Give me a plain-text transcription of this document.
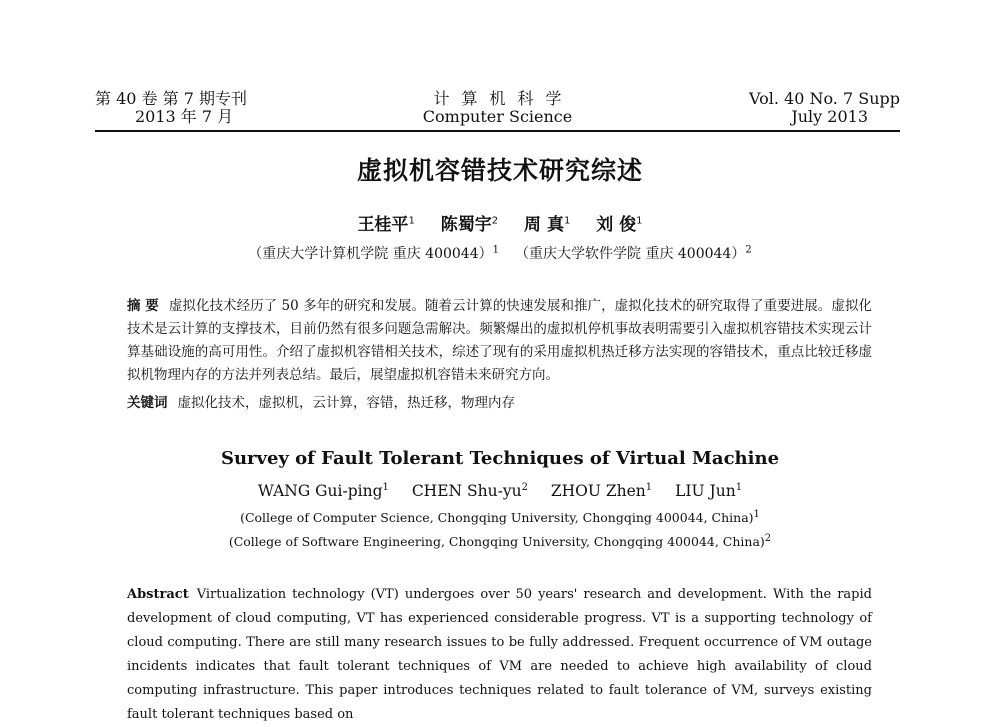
第 40 卷 第 7 期专刊
2013 年 7 月
计算机科学
Computer Science
Vol. 40 No. 7 Supp
July 2013
虚拟机容错技术研究综述
王桂平$^1$ 陈蜀宇$^2$ 周 真$^1$ 刘 俊$^1$
（重庆大学计算机学院 重庆 400044）$^1$ （重庆大学软件学院 重庆 400044）$^2$
摘 要 虚拟化技术经历了 50 多年的研究和发展。随着云计算的快速发展和推广，虚拟化技术的研究取得了重要进展。虚拟化技术是云计算的支撑技术，目前仍然有很多问题急需解决。频繁爆出的虚拟机停机事故表明需要引入虚拟机容错技术实现云计算基础设施的高可用性。介绍了虚拟机容错相关技术，综述了现有的采用虚拟机热迁移方法实现的容错技术，重点比较迁移虚拟机物理内存的方法并列表总结。最后，展望虚拟机容错未来研究方向。
关键词 虚拟化技术，虚拟机，云计算，容错，热迁移，物理内存
Survey of Fault Tolerant Techniques of Virtual Machine
WANG Gui-ping$^1$ CHEN Shu-$yu^2$ ZHOU Zhen$^1$ LIU Jun$^1$
(College of Computer Science, Chongqing University, Chongqing 400044, China)$^1$
(College of Software Engineering, Chongqing University, Chongqing 400044, China)$^2$
Abstract Virtualization technology (VT) undergoes over 50 years' research and development. With the rapid development of cloud computing, VT has experienced considerable progress. VT is a supporting technology of cloud computing. There are still many research issues to be fully addressed. Frequent occurrence of VM outage incidents indicates that fault tolerant techniques of VM are needed to achieve high availability of cloud computing infrastructure. This paper introduces techniques related to fault tolerance of VM, surveys existing fault tolerant techniques based on
